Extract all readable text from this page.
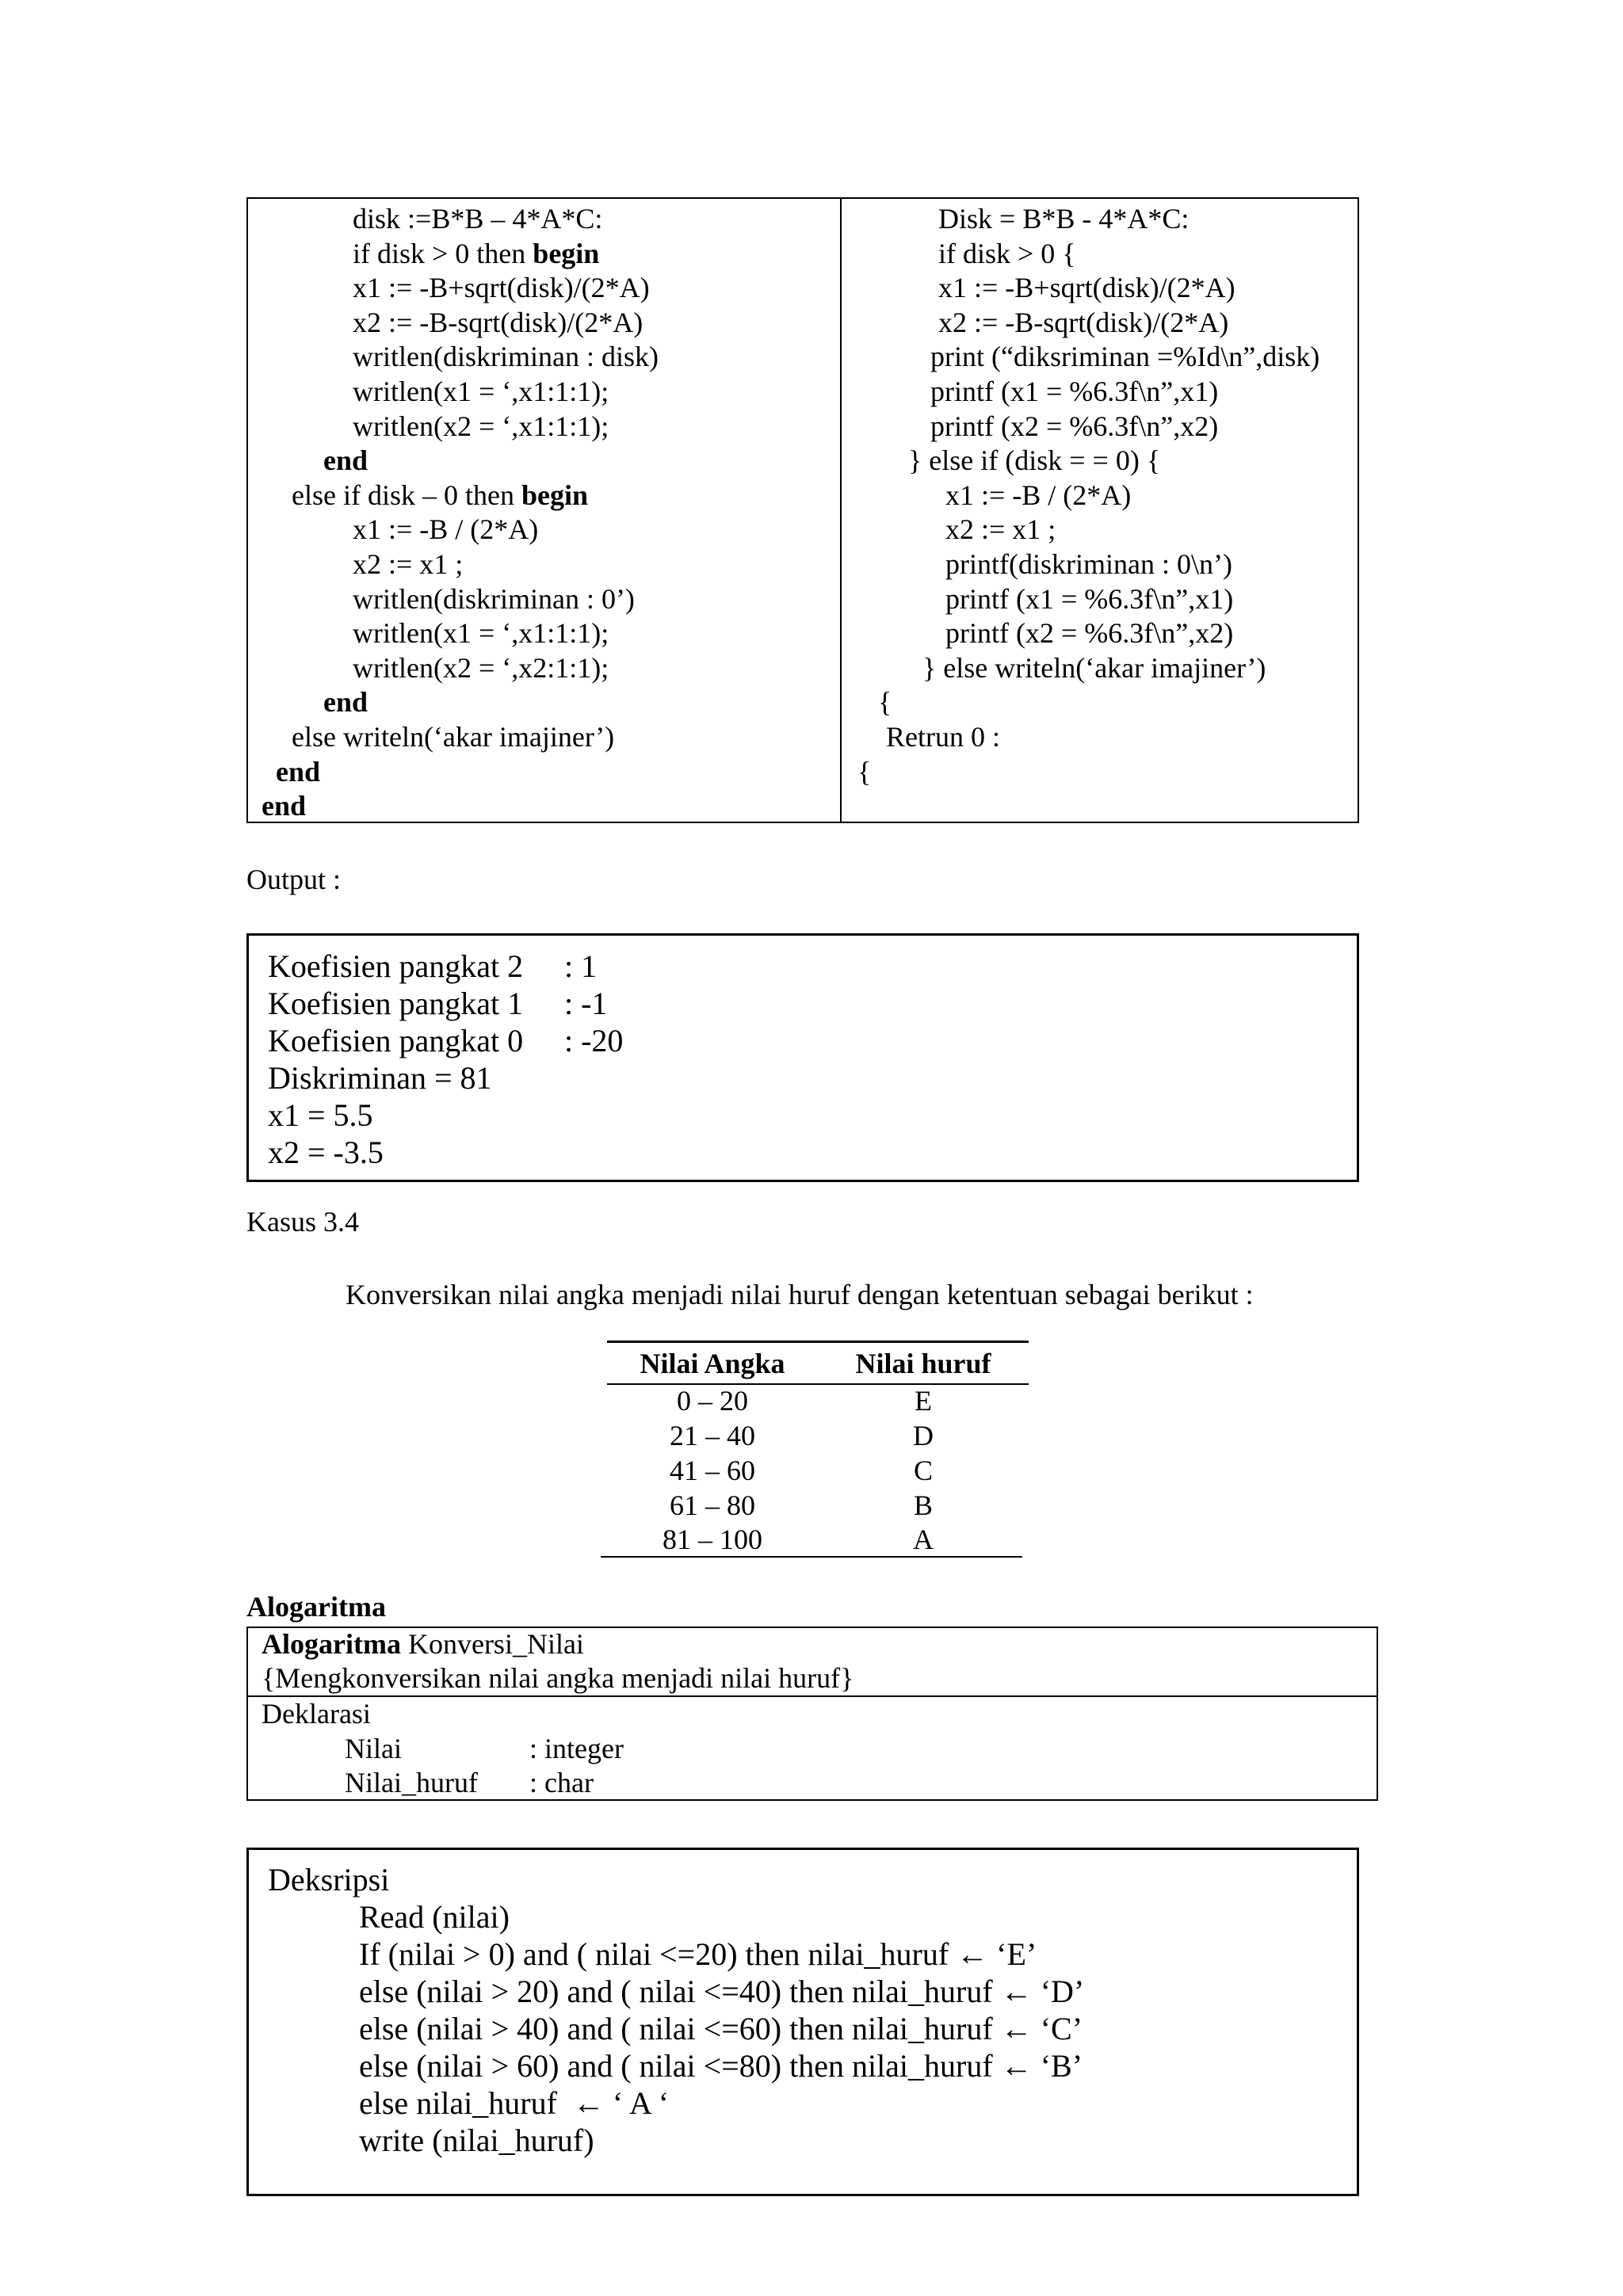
disk :=B*B – 4*A*C:
if disk > 0 then begin
x1 := -B+sqrt(disk)/(2*A)
x2 := -B-sqrt(disk)/(2*A)
writlen(diskriminan : disk)
writlen(x1 = ‘,x1:1:1);
writlen(x2 = ‘,x1:1:1);
end
else if disk – 0 then begin
x1 := -B / (2*A)
x2 := x1 ;
writlen(diskriminan : 0’)
writlen(x1 = ‘,x1:1:1);
writlen(x2 = ‘,x2:1:1);
end
else writeln(‘akar imajiner’)
end
end
Disk = B*B - 4*A*C:
if disk > 0 {
x1 := -B+sqrt(disk)/(2*A)
x2 := -B-sqrt(disk)/(2*A)
print (“diksriminan =%Id\n”,disk)
printf (x1 = %6.3f\n”,x1)
printf (x2 = %6.3f\n”,x2)
} else if (disk = = 0) {
x1 := -B / (2*A)
x2 := x1 ;
printf(diskriminan : 0\n’)
printf (x1 = %6.3f\n”,x1)
printf (x2 = %6.3f\n”,x2)
} else writeln(‘akar imajiner’)
{
Retrun 0 :
{
Output :
Koefisien pangkat 2 : 1
Koefisien pangkat 1 : -1
Koefisien pangkat 0 : -20
Diskriminan = 81
x1 = 5.5
x2 = -3.5
Kasus 3.4
Konversikan nilai angka menjadi nilai huruf dengan ketentuan sebagai berikut :
Nilai Angka	Nilai huruf
0 – 20	E
21 – 40	D
41 – 60	C
61 – 80	B
81 – 100	A
Alogaritma
Alogaritma Konversi_Nilai
{Mengkonversikan nilai angka menjadi nilai huruf}
Deklarasi
Nilai	: integer
Nilai_huruf : char
Deksripsi
Read (nilai)
If (nilai > 0) and ( nilai <=20) then nilai_huruf ← ‘E’
else (nilai > 20) and ( nilai <=40) then nilai_huruf ← ‘D’
else (nilai > 40) and ( nilai <=60) then nilai_huruf ← ‘C’
else (nilai > 60) and ( nilai <=80) then nilai_huruf ← ‘B’
else nilai_huruf  ← ‘ A ‘
write (nilai_huruf)
